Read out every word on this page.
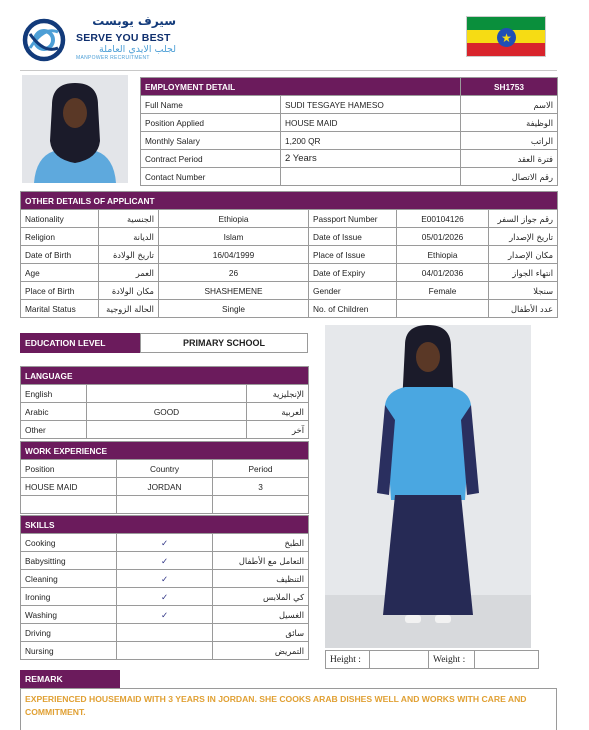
سيرف يوبست
SERVE YOU BEST
لجلب الايدي العاملة
MANPOWER RECRUITMENT
★
EMPLOYMENT DETAIL		SH1753
Full Name	SUDI TESGAYE HAMESO	الاسم
Position Applied	HOUSE MAID	الوظيفة
Monthly Salary	1,200 QR	الراتب
Contract Period	2 Years	فترة العقد
Contact Number		رقم الاتصال
OTHER DETAILS OF APPLICANT					
Nationality	الجنسية	Ethiopia	Passport Number	E00104126	رقم جواز السفر
Religion	الديانة	Islam	Date of Issue	05/01/2026	تاريخ الإصدار
Date of Birth	تاريخ الولادة	16/04/1999	Place of Issue	Ethiopia	مكان الإصدار
Age	العمر	26	Date of Expiry	04/01/2036	انتهاء الجواز
Place of Birth	مكان الولادة	SHASHEMENE	Gender	Female	سنجلا
Marital Status	الحالة الزوجية	Single	No. of Children		عدد الأطفال
EDUCATION LEVEL	PRIMARY SCHOOL
LANGUAGE		
English		الإنجليزية
Arabic	GOOD	العربية
Other		آخر
WORK EXPERIENCE		
Position	Country	Period
HOUSE MAID	JORDAN	3

SKILLS		
Cooking	✓	الطبخ
Babysitting	✓	التعامل مع الأطفال
Cleaning	✓	التنظيف
Ironing	✓	كي الملابس
Washing	✓	الغسيل
Driving		سائق
Nursing		التمريض
Height :		Weight :	
REMARK
EXPERIENCED HOUSEMAID WITH 3 YEARS IN JORDAN. SHE COOKS ARAB DISHES WELL AND WORKS WITH CARE AND COMMITMENT.
